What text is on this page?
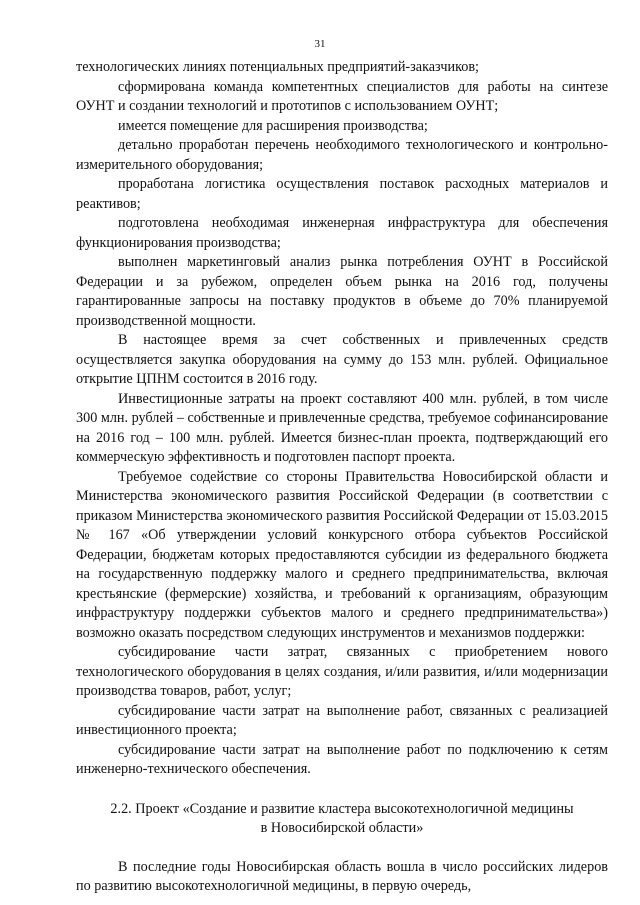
31

технологических линиях потенциальных предприятий-заказчиков;

сформирована команда компетентных специалистов для работы на синтезе ОУНТ и создании технологий и прототипов с использованием ОУНТ;

имеется помещение для расширения производства;

детально проработан перечень необходимого технологического и контрольно-измерительного оборудования;

проработана логистика осуществления поставок расходных материалов и реактивов;

подготовлена необходимая инженерная инфраструктура для обеспечения функционирования производства;

выполнен маркетинговый анализ рынка потребления ОУНТ в Российской Федерации и за рубежом, определен объем рынка на 2016 год, получены гарантированные запросы на поставку продуктов в объеме до 70% планируемой производственной мощности.

В настоящее время за счет собственных и привлеченных средств осуществляется закупка оборудования на сумму до 153 млн. рублей. Официальное открытие ЦПНМ состоится в 2016 году.

Инвестиционные затраты на проект составляют 400 млн. рублей, в том числе 300 млн. рублей – собственные и привлеченные средства, требуемое софинансирование на 2016 год – 100 млн. рублей. Имеется бизнес-план проекта, подтверждающий его коммерческую эффективность и подготовлен паспорт проекта.

Требуемое содействие со стороны Правительства Новосибирской области и Министерства экономического развития Российской Федерации (в соответствии с приказом Министерства экономического развития Российской Федерации от 15.03.2015 № 167 «Об утверждении условий конкурсного отбора субъектов Российской Федерации, бюджетам которых предоставляются субсидии из федерального бюджета на государственную поддержку малого и среднего предпринимательства, включая крестьянские (фермерские) хозяйства, и требований к организациям, образующим инфраструктуру поддержки субъектов малого и среднего предпринимательства») возможно оказать посредством следующих инструментов и механизмов поддержки:

субсидирование части затрат, связанных с приобретением нового технологического оборудования в целях создания, и/или развития, и/или модернизации производства товаров, работ, услуг;

субсидирование части затрат на выполнение работ, связанных с реализацией инвестиционного проекта;

субсидирование части затрат на выполнение работ по подключению к сетям инженерно-технического обеспечения.

2.2. Проект «Создание и развитие кластера высокотехнологичной медицины
в Новосибирской области»

В последние годы Новосибирская область вошла в число российских лидеров по развитию высокотехнологичной медицины, в первую очередь,
